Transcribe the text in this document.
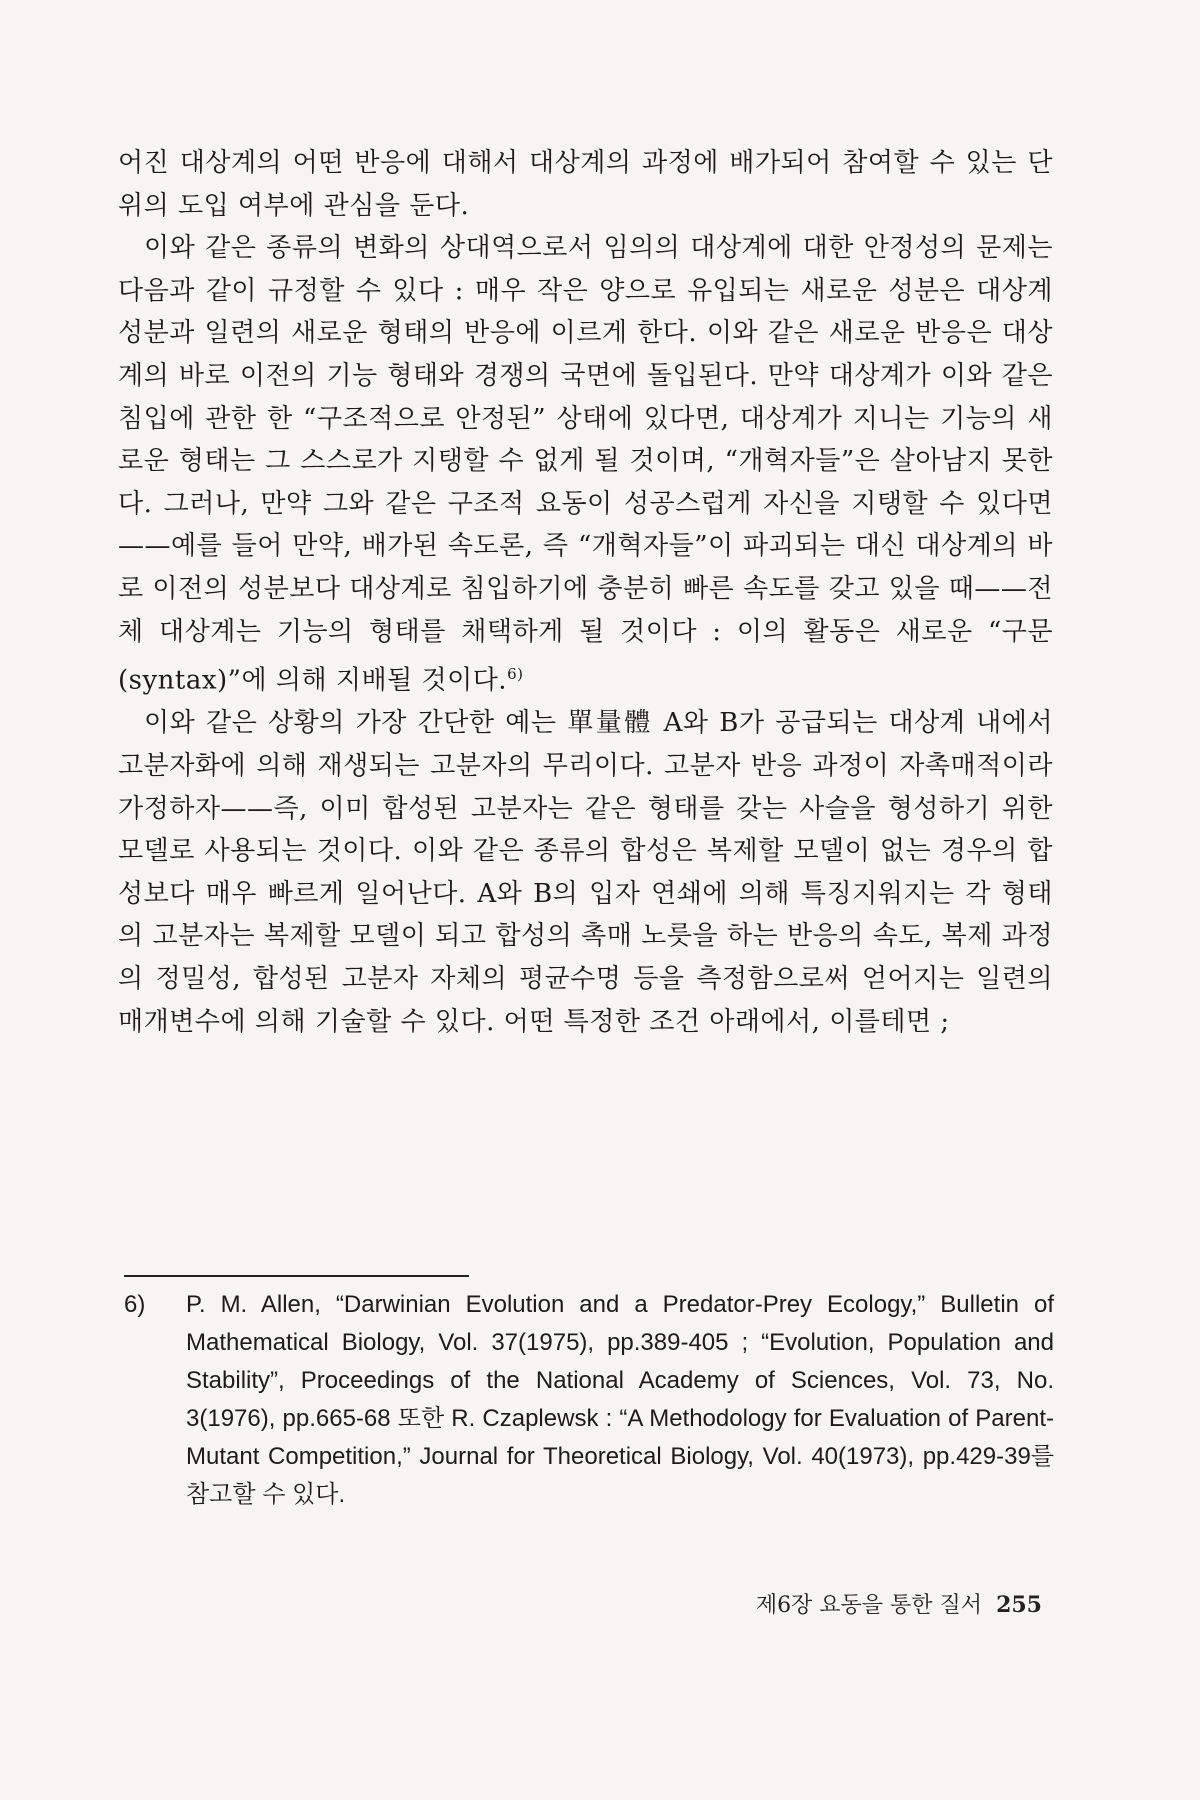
어진 대상계의 어떤 반응에 대해서 대상계의 과정에 배가되어 참여할 수 있는 단위의 도입 여부에 관심을 둔다.

이와 같은 종류의 변화의 상대역으로서 임의의 대상계에 대한 안정성의 문제는 다음과 같이 규정할 수 있다 : 매우 작은 양으로 유입되는 새로운 성분은 대상계 성분과 일련의 새로운 형태의 반응에 이르게 한다. 이와 같은 새로운 반응은 대상계의 바로 이전의 기능 형태와 경쟁의 국면에 돌입된다. 만약 대상계가 이와 같은 침입에 관한 한 “구조적으로 안정된” 상태에 있다면, 대상계가 지니는 기능의 새로운 형태는 그 스스로가 지탱할 수 없게 될 것이며, “개혁자들”은 살아남지 못한다. 그러나, 만약 그와 같은 구조적 요동이 성공스럽게 자신을 지탱할 수 있다면——예를 들어 만약, 배가된 속도론, 즉 “개혁자들”이 파괴되는 대신 대상계의 바로 이전의 성분보다 대상계로 침입하기에 충분히 빠른 속도를 갖고 있을 때——전체 대상계는 기능의 형태를 채택하게 될 것이다 : 이의 활동은 새로운 “구문(syntax)”에 의해 지배될 것이다.$^{6)}$

이와 같은 상황의 가장 간단한 예는 單量體 A와 B가 공급되는 대상계 내에서 고분자화에 의해 재생되는 고분자의 무리이다. 고분자 반응 과정이 자촉매적이라 가정하자——즉, 이미 합성된 고분자는 같은 형태를 갖는 사슬을 형성하기 위한 모델로 사용되는 것이다. 이와 같은 종류의 합성은 복제할 모델이 없는 경우의 합성보다 매우 빠르게 일어난다. A와 B의 입자 연쇄에 의해 특징지워지는 각 형태의 고분자는 복제할 모델이 되고 합성의 촉매 노릇을 하는 반응의 속도, 복제 과정의 정밀성, 합성된 고분자 자체의 평균수명 등을 측정함으로써 얻어지는 일련의 매개변수에 의해 기술할 수 있다. 어떤 특정한 조건 아래에서, 이를테면 ;

6) P. M. Allen, “Darwinian Evolution and a Predator-Prey Ecology,” Bulletin of Mathematical Biology, Vol. 37(1975), pp.389-405 ; “Evolution, Population and Stability”, Proceedings of the National Academy of Sciences, Vol. 73, No. 3(1976), pp.665-68 또한 R. Czaplewsk : “A Methodology for Evaluation of Parent-Mutant Competition,” Journal for Theoretical Biology, Vol. 40(1973), pp.429-39를 참고할 수 있다.
제6장 요동을 통한 질서 255
